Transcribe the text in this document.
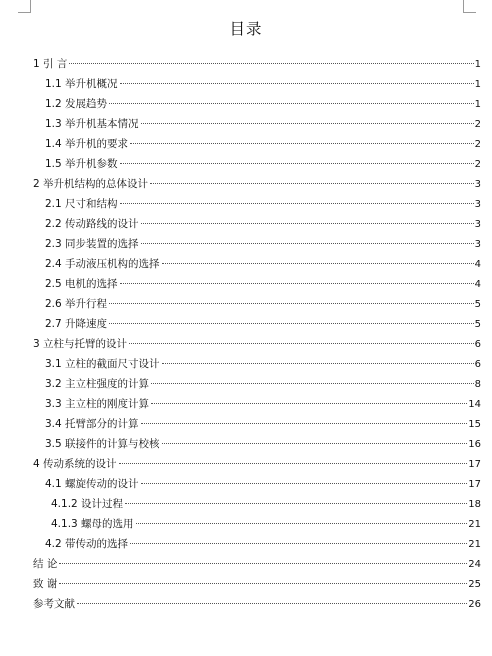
目录
1 引 言	1
1.1 举升机概况	1
1.2 发展趋势	1
1.3 举升机基本情况	2
1.4 举升机的要求	2
1.5 举升机参数	2
2 举升机结构的总体设计	3
2.1 尺寸和结构	3
2.2 传动路线的设计	3
2.3 同步装置的选择	3
2.4 手动液压机构的选择	4
2.5 电机的选择	4
2.6 举升行程	5
2.7 升降速度	5
3 立柱与托臂的设计	6
3.1 立柱的截面尺寸设计	6
3.2 主立柱强度的计算	8
3.3 主立柱的刚度计算	14
3.4 托臂部分的计算	15
3.5 联接件的计算与校核	16
4 传动系统的设计	17
4.1 螺旋传动的设计	17
4.1.2 设计过程	18
4.1.3 螺母的选用	21
4.2 带传动的选择	21
结 论	24
致 谢	25
参考文献	26
